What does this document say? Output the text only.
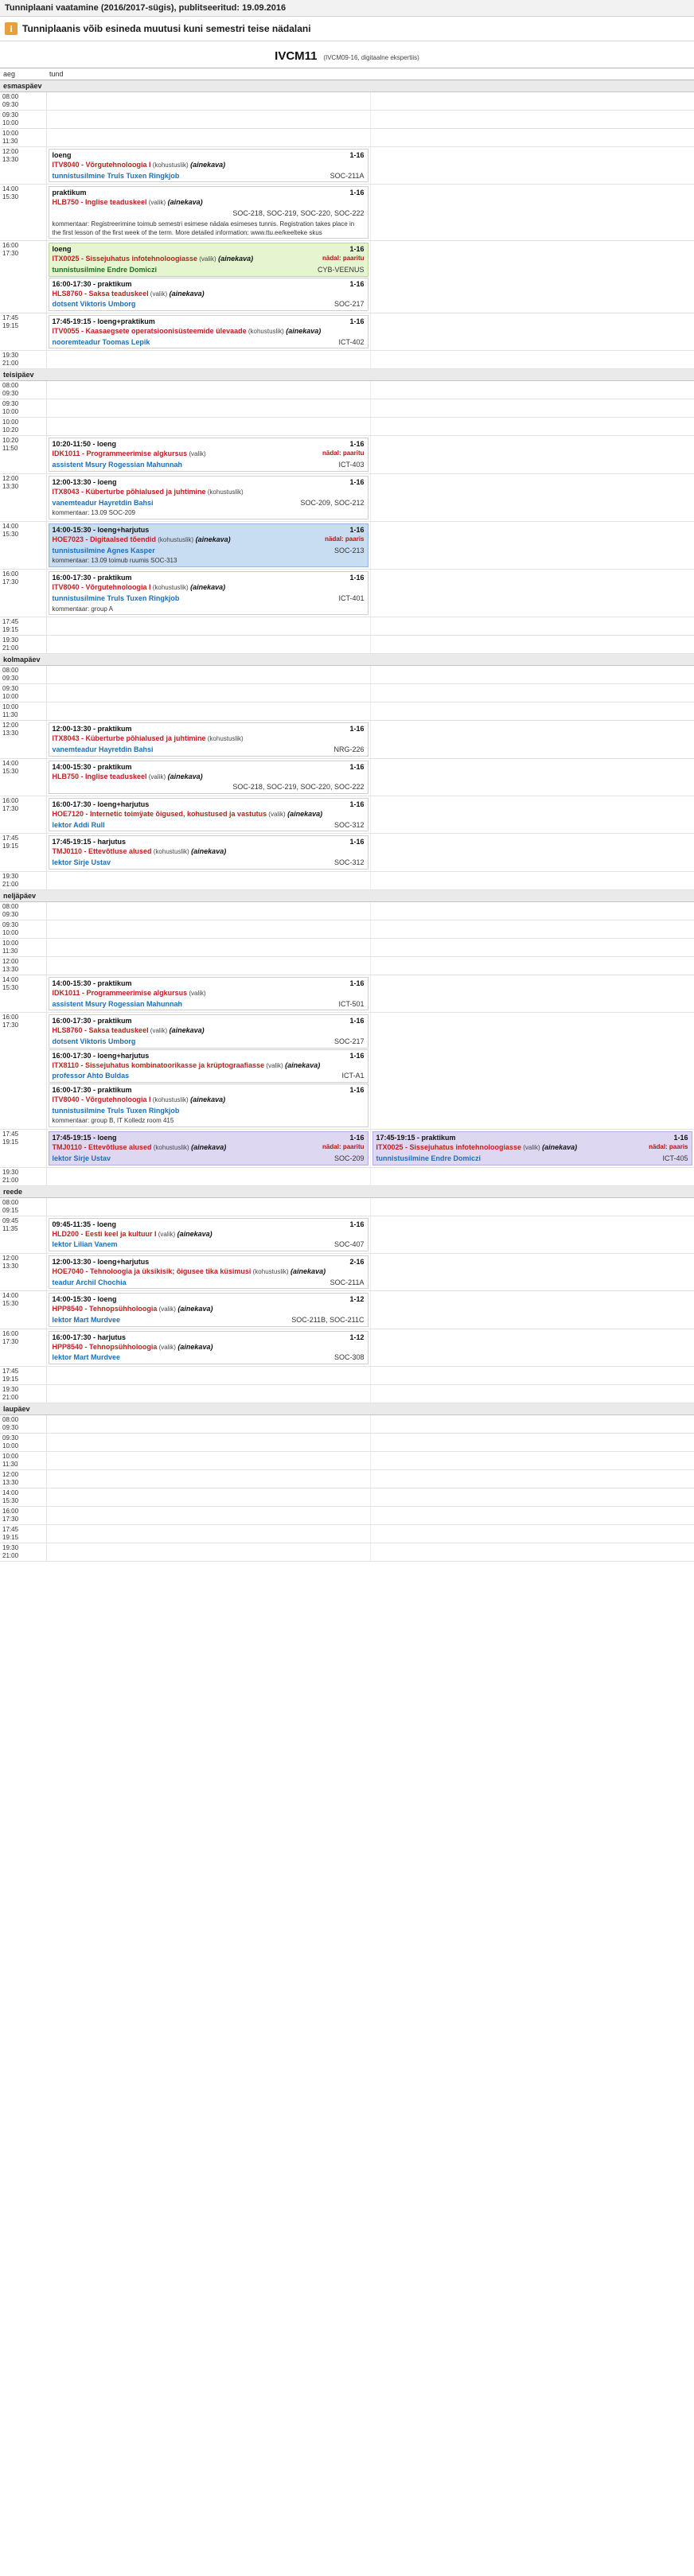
Tunniplaani vaatamine (2016/2017-sügis), publitseeritud: 19.09.2016
i
Tunniplaanis võib esineda muutusi kuni semestri teise nädalani
IVCM11 (IVCM09-16, digitaalne ekspertiis)
aeg	tund	
esmaspäev		
08:00
09:30	

09:30
10:00	

10:00
11:30	

12:00
13:30	
loeng	1-16
ITV8040 - Võrgutehnoloogia I (kohustuslik) (ainekava)
tunnistusilmine Truls Tuxen Ringkjob	SOC-211A

14:00
15:30	
praktikum	1-16
HLB750 - Inglise teaduskeel (valik) (ainekava)
SOC-218, SOC-219, SOC-220, SOC-222
kommentaar: Registreerimine toimub semestri esimese nädala esimeses tunnis. Registration takes place in the first lesson of the first week of the term. More detailed information: www.ttu.ee/keelteke skus

16:00
17:30	
loeng	1-16
ITX0025 - Sissejuhatus infotehnoloogiasse (valik) (ainekava)	nädal: paaritu
tunnistusilmine Endre Domiczi	CYB-VEENUS
16:00-17:30 - praktikum	1-16
HLS8760 - Saksa teaduskeel (valik) (ainekava)
dotsent Viktoris Umborg	SOC-217

17:45
19:15	
17:45-19:15 - loeng+praktikum	1-16
ITV0055 - Kaasaegsete operatsioonisüsteemide ülevaade (kohustuslik) (ainekava)
nooremteadur Toomas Lepik	ICT-402

19:30
21:00	

teisipäev		
08:00
09:30	

09:30
10:00	

10:00
10:20	

10:20
11:50	
10:20-11:50 - loeng	1-16
IDK1011 - Programmeerimise algkursus (valik)	nädal: paaritu
assistent Msury Rogessian Mahunnah	ICT-403

12:00
13:30	
12:00-13:30 - loeng	1-16
ITX8043 - Küberturbe põhialused ja juhtimine (kohustuslik)
vanemteadur Hayretdin Bahsi	SOC-209, SOC-212
kommentaar: 13.09 SOC-209

14:00
15:30	
14:00-15:30 - loeng+harjutus	1-16
HOE7023 - Digitaalsed tõendid (kohustuslik) (ainekava)	nädal: paaris
tunnistusilmine Agnes Kasper	SOC-213
kommentaar: 13.09 toimub ruumis SOC-313

16:00
17:30	
16:00-17:30 - praktikum	1-16
ITV8040 - Võrgutehnoloogia I (kohustuslik) (ainekava)
tunnistusilmine Truls Tuxen Ringkjob	ICT-401
kommentaar: group A

17:45
19:15	

19:30
21:00	

kolmapäev		
08:00
09:30	

09:30
10:00	

10:00
11:30	

12:00
13:30	
12:00-13:30 - praktikum	1-16
ITX8043 - Küberturbe põhialused ja juhtimine (kohustuslik)
vanemteadur Hayretdin Bahsi	NRG-226

14:00
15:30	
14:00-15:30 - praktikum	1-16
HLB750 - Inglise teaduskeel (valik) (ainekava)
SOC-218, SOC-219, SOC-220, SOC-222

16:00
17:30	
16:00-17:30 - loeng+harjutus	1-16
HOE7120 - Internetic toimÿate õigused, kohustused ja vastutus (valik) (ainekava)
lektor Addi Rull	SOC-312

17:45
19:15	
17:45-19:15 - harjutus	1-16
TMJ0110 - Ettevõtluse alused (kohustuslik) (ainekava)
lektor Sirje Ustav	SOC-312

19:30
21:00	

neljäpäev		
08:00
09:30	

09:30
10:00	

10:00
11:30	

12:00
13:30	

14:00
15:30	
14:00-15:30 - praktikum	1-16
IDK1011 - Programmeerimise algkursus (valik)
assistent Msury Rogessian Mahunnah	ICT-501

16:00
17:30	
16:00-17:30 - praktikum	1-16
HLS8760 - Saksa teaduskeel (valik) (ainekava)
dotsent Viktoris Umborg	SOC-217
16:00-17:30 - loeng+harjutus	1-16
ITX8110 - Sissejuhatus kombinatoorikasse ja krüptograafiasse (valik) (ainekava)
professor Ahto Buldas	ICT-A1
16:00-17:30 - praktikum	1-16
ITV8040 - Võrgutehnoloogia I (kohustuslik) (ainekava)
tunnistusilmine Truls Tuxen Ringkjob
kommentaar: group B, IT Kolledz room 415

17:45
19:15	
17:45-19:15 - loeng	1-16
TMJ0110 - Ettevõtluse alused (kohustuslik) (ainekava)	nädal: paaritu
lektor Sirje Ustav	SOC-209

17:45-19:15 - praktikum	1-16
ITX0025 - Sissejuhatus infotehnoloogiasse (valik) (ainekava)	nädal: paaris
tunnistusilmine Endre Domiczi	ICT-405

19:30
21:00	

reede		
08:00
09:15	

09:45
11:35	
09:45-11:35 - loeng	1-16
HLD200 - Eesti keel ja kultuur I (valik) (ainekava)
lektor Lilian Vanem	SOC-407

12:00
13:30	
12:00-13:30 - loeng+harjutus	2-16
HOE7040 - Tehnoloogia ja üksikisik; õigusee tika küsimusi (kohustuslik) (ainekava)
teadur Archil Chochia	SOC-211A

14:00
15:30	
14:00-15:30 - loeng	1-12
HPP8540 - Tehnopsühholoogia (valik) (ainekava)
lektor Mart Murdvee	SOC-211B, SOC-211C

16:00
17:30	
16:00-17:30 - harjutus	1-12
HPP8540 - Tehnopsühholoogia (valik) (ainekava)
lektor Mart Murdvee	SOC-308

17:45
19:15	

19:30
21:00	

laupäev		
08:00
09:30	

09:30
10:00	

10:00
11:30	

12:00
13:30	

14:00
15:30	

16:00
17:30	

17:45
19:15	

19:30
21:00	
